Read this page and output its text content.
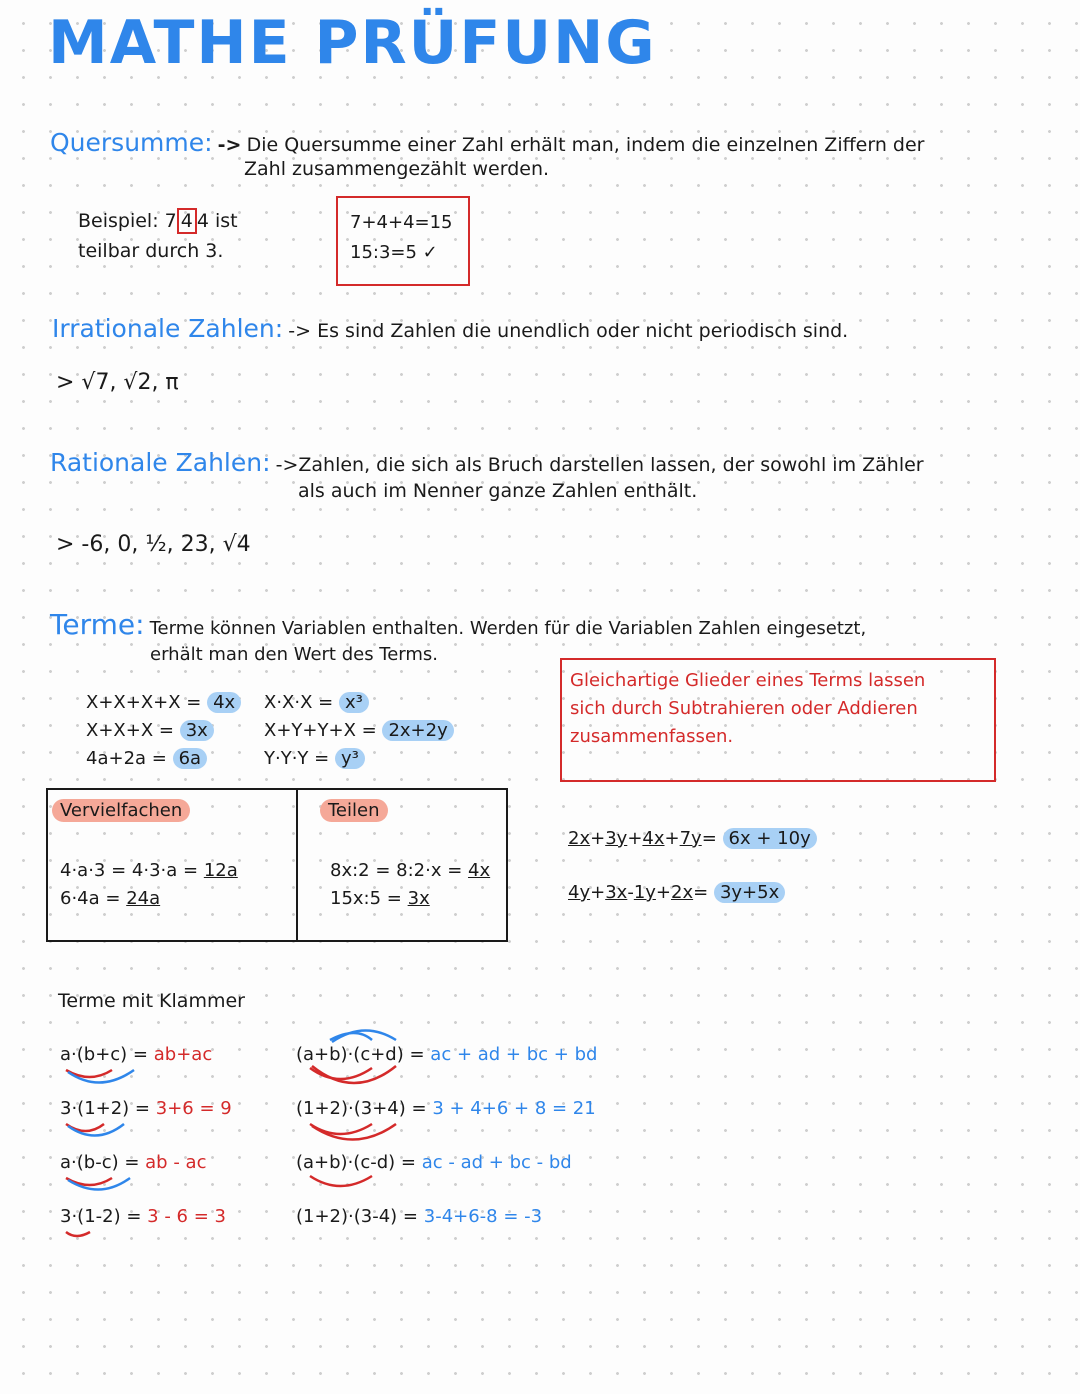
MATHE PRÜFUNG
Quersumme: -> Die Quersumme einer Zahl erhält man, indem die einzelnen Ziffern der
Zahl zusammengezählt werden.
Beispiel: 7 4 4 ist
teilbar durch 3.
7+4+4=15
15:3=5 ✓
Irrationale Zahlen: -> Es sind Zahlen die unendlich oder nicht periodisch sind.
> √7, √2, π
Rationale Zahlen: ->Zahlen, die sich als Bruch darstellen lassen, der sowohl im Zähler
als auch im Nenner ganze Zahlen enthält.
> -6, 0, ½, 23, √4
Terme: Terme können Variablen enthalten. Werden für die Variablen Zahlen eingesetzt,
erhält man den Wert des Terms.
Gleichartige Glieder eines Terms lassen
sich durch Subtrahieren oder Addieren
zusammenfassen.
X+X+X+X = 4x
X+X+X = 3x
4a+2a = 6a
X·X·X = x³
X+Y+Y+X = 2x+2y
Y·Y·Y = y³
Vervielfachen
4·a·3 = 4·3·a = 12a
6·4a = 24a
Teilen
8x:2 = 8:2·x = 4x
15x:5 = 3x
2x+3y+4x+7y= 6x + 10y
4y+3x-1y+2x= 3y+5x
Terme mit Klammer
a·(b+c) = ab+ac
3·(1+2) = 3+6 = 9
a·(b-c) = ab - ac
3·(1-2) = 3 - 6 = 3
(a+b)·(c+d) = ac + ad + bc + bd
(1+2)·(3+4) = 3 + 4+6 + 8 = 21
(a+b)·(c-d) = ac - ad + bc - bd
(1+2)·(3-4) = 3-4+6-8 = -3
